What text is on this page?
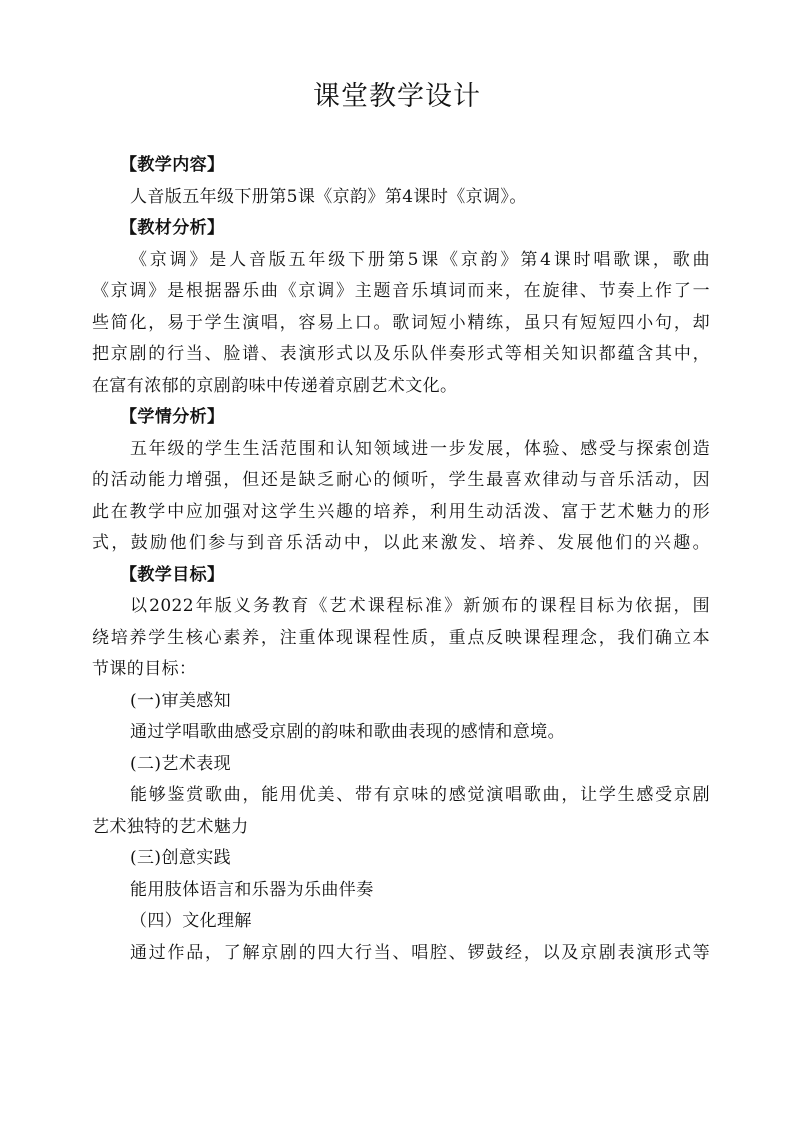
课堂教学设计
【教学内容】
人音版五年级下册第5课《京韵》第4课时《京调》。
【教材分析】
《京调》是人音版五年级下册第5课《京韵》第4课时唱歌课，歌曲
《京调》是根据器乐曲《京调》主题音乐填词而来，在旋律、节奏上作了一
些简化，易于学生演唱，容易上口。歌词短小精练，虽只有短短四小句，却
把京剧的行当、脸谱、表演形式以及乐队伴奏形式等相关知识都蕴含其中，
在富有浓郁的京剧韵味中传递着京剧艺术文化。
【学情分析】
五年级的学生生活范围和认知领域进一步发展，体验、感受与探索创造
的活动能力增强，但还是缺乏耐心的倾听，学生最喜欢律动与音乐活动，因
此在教学中应加强对这学生兴趣的培养，利用生动活泼、富于艺术魅力的形
式，鼓励他们参与到音乐活动中，以此来激发、培养、发展他们的兴趣。
【教学目标】
以2022年版义务教育《艺术课程标准》新颁布的课程目标为依据，围
绕培养学生核心素养，注重体现课程性质，重点反映课程理念，我们确立本
节课的目标：
(一)审美感知
通过学唱歌曲感受京剧的韵味和歌曲表现的感情和意境。
(二)艺术表现
能够鉴赏歌曲，能用优美、带有京味的感觉演唱歌曲，让学生感受京剧
艺术独特的艺术魅力
(三)创意实践
能用肢体语言和乐器为乐曲伴奏
（四）文化理解
通过作品，了解京剧的四大行当、唱腔、锣鼓经，以及京剧表演形式等
